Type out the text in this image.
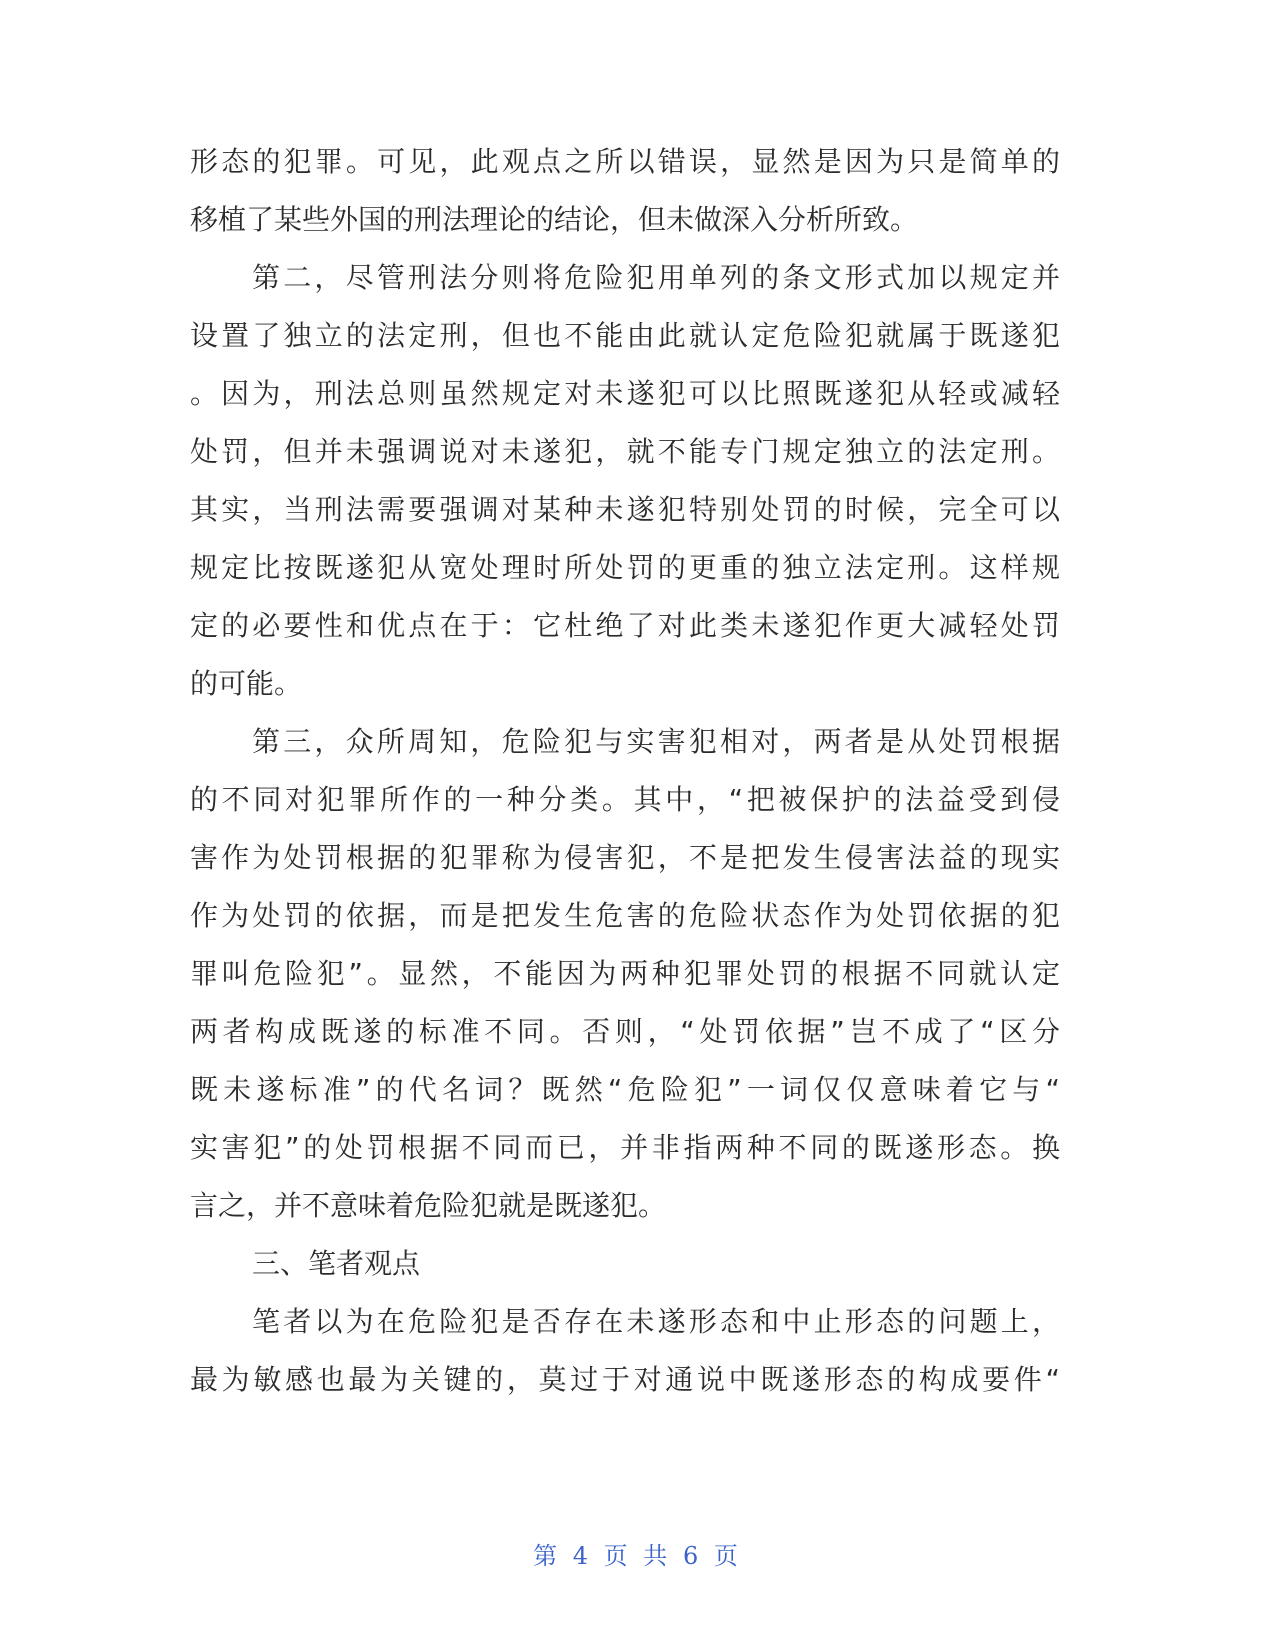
形态的犯罪。可见，此观点之所以错误，显然是因为只是简单的

移植了某些外国的刑法理论的结论，但未做深入分析所致。

第二，尽管刑法分则将危险犯用单列的条文形式加以规定并

设置了独立的法定刑，但也不能由此就认定危险犯就属于既遂犯

。因为，刑法总则虽然规定对未遂犯可以比照既遂犯从轻或减轻

处罚，但并未强调说对未遂犯，就不能专门规定独立的法定刑。

其实，当刑法需要强调对某种未遂犯特别处罚的时候，完全可以

规定比按既遂犯从宽处理时所处罚的更重的独立法定刑。这样规

定的必要性和优点在于：它杜绝了对此类未遂犯作更大减轻处罚

的可能。

第三，众所周知，危险犯与实害犯相对，两者是从处罚根据

的不同对犯罪所作的一种分类。其中，“把被保护的法益受到侵

害作为处罚根据的犯罪称为侵害犯，不是把发生侵害法益的现实

作为处罚的依据，而是把发生危害的危险状态作为处罚依据的犯

罪叫危险犯”。显然，不能因为两种犯罪处罚的根据不同就认定

两者构成既遂的标准不同。否则，“处罚依据”岂不成了“区分

既未遂标准”的代名词？既然“危险犯”一词仅仅意味着它与“

实害犯”的处罚根据不同而已，并非指两种不同的既遂形态。换

言之，并不意味着危险犯就是既遂犯。

三、笔者观点

笔者以为在危险犯是否存在未遂形态和中止形态的问题上，

最为敏感也最为关键的，莫过于对通说中既遂形态的构成要件“

第 4 页 共 6 页
